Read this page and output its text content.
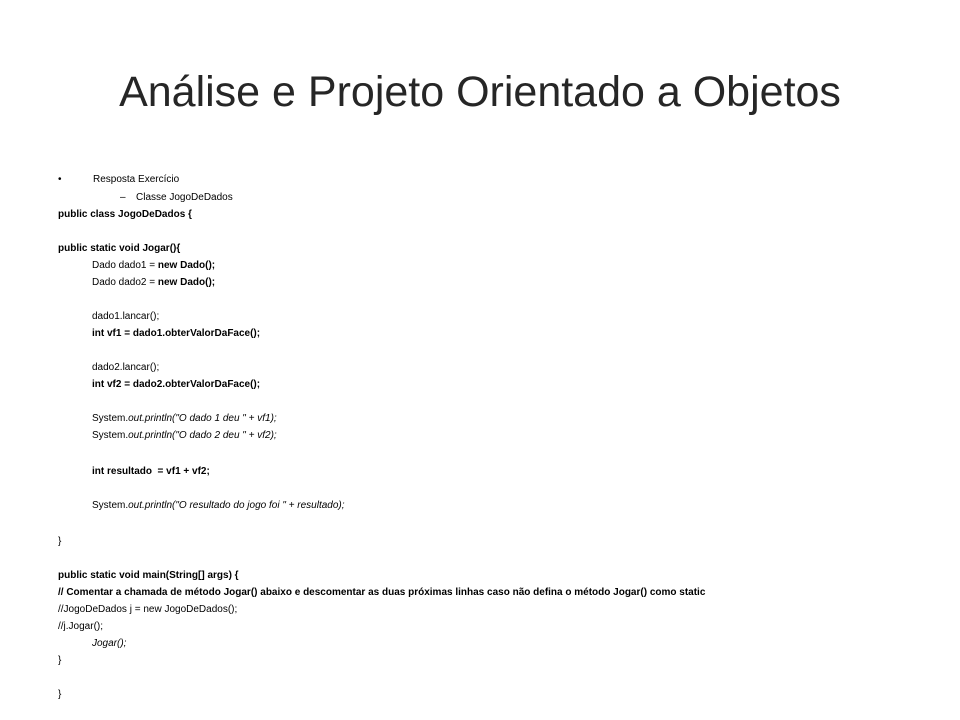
Análise e Projeto Orientado a Objetos
•	Resposta Exercício
– Classe JogoDeDados
public class JogoDeDados {
public static void Jogar(){
Dado dado1 = new Dado();
Dado dado2 = new Dado();
dado1.lancar();
int vf1 = dado1.obterValorDaFace();
dado2.lancar();
int vf2 = dado2.obterValorDaFace();
System.out.println("O dado 1 deu " + vf1);
System.out.println("O dado 2 deu " + vf2);
int resultado  = vf1 + vf2;
System.out.println("O resultado do jogo foi " + resultado);
}
public static void main(String[] args) {
// Comentar a chamada de método Jogar() abaixo e descomentar as duas próximas linhas caso não defina o método Jogar() como static
//JogoDeDados j = new JogoDeDados();
//j.Jogar();
Jogar();
}
}
